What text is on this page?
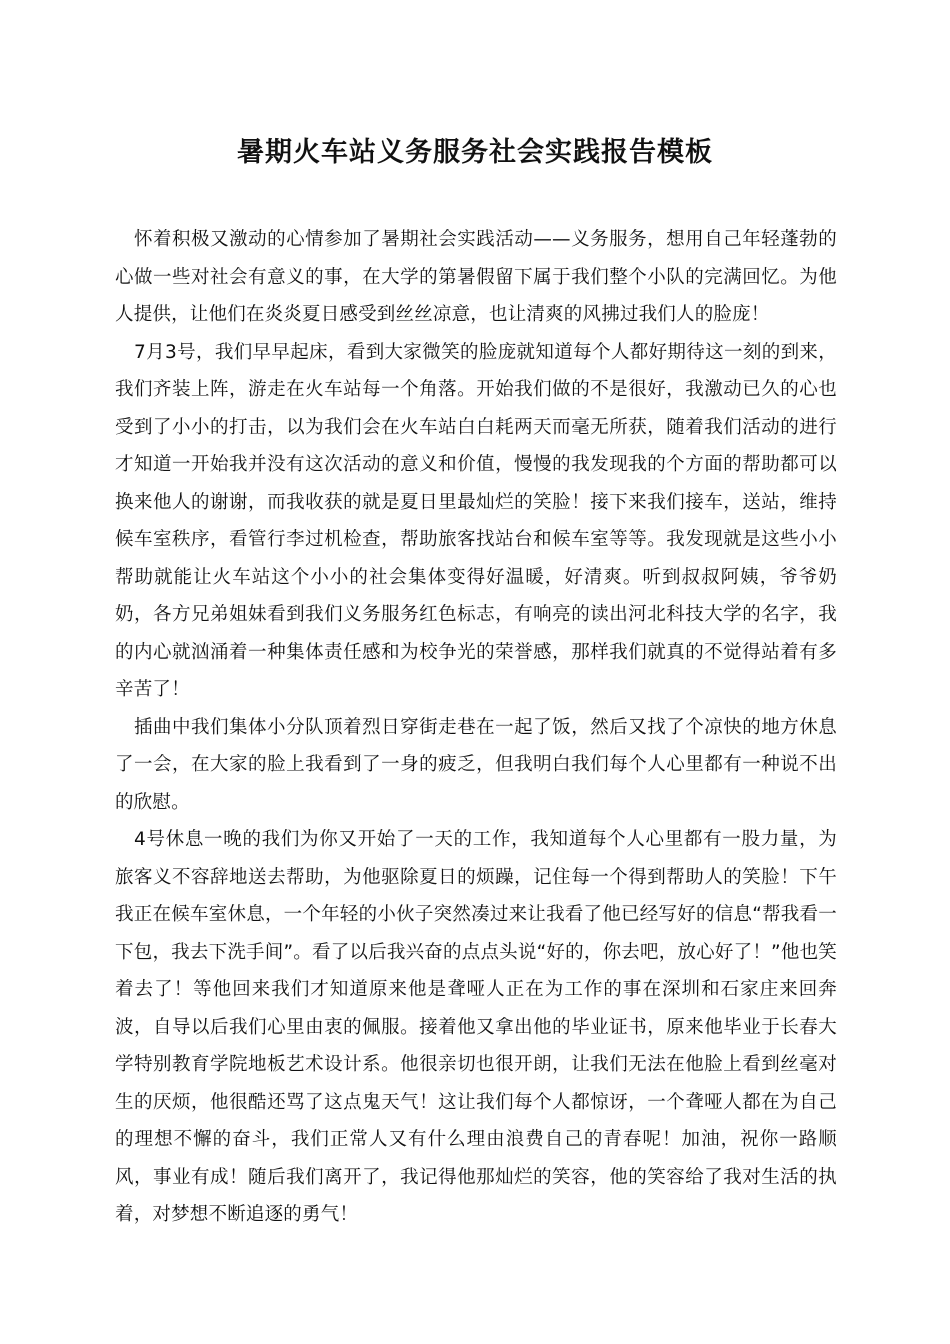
暑期火车站义务服务社会实践报告模板

怀着积极又激动的心情参加了暑期社会实践活动——义务服务，想用自己年轻蓬勃的心做一些对社会有意义的事，在大学的第暑假留下属于我们整个小队的完满回忆。为他人提供，让他们在炎炎夏日感受到丝丝凉意，也让清爽的风拂过我们人的脸庞！

7月3号，我们早早起床，看到大家微笑的脸庞就知道每个人都好期待这一刻的到来，我们齐装上阵，游走在火车站每一个角落。开始我们做的不是很好，我激动已久的心也受到了小小的打击，以为我们会在火车站白白耗两天而毫无所获，随着我们活动的进行才知道一开始我并没有这次活动的意义和价值，慢慢的我发现我的个方面的帮助都可以换来他人的谢谢，而我收获的就是夏日里最灿烂的笑脸！接下来我们接车，送站，维持候车室秩序，看管行李过机检查，帮助旅客找站台和候车室等等。我发现就是这些小小帮助就能让火车站这个小小的社会集体变得好温暖，好清爽。听到叔叔阿姨，爷爷奶奶，各方兄弟姐妹看到我们义务服务红色标志，有响亮的读出河北科技大学的名字，我的内心就汹涌着一种集体责任感和为校争光的荣誉感，那样我们就真的不觉得站着有多辛苦了！

插曲中我们集体小分队顶着烈日穿街走巷在一起了饭，然后又找了个凉快的地方休息了一会，在大家的脸上我看到了一身的疲乏，但我明白我们每个人心里都有一种说不出的欣慰。

4号休息一晚的我们为你又开始了一天的工作，我知道每个人心里都有一股力量，为旅客义不容辞地送去帮助，为他驱除夏日的烦躁，记住每一个得到帮助人的笑脸！下午我正在候车室休息，一个年轻的小伙子突然凑过来让我看了他已经写好的信息“帮我看一下包，我去下洗手间”。看了以后我兴奋的点点头说“好的，你去吧，放心好了！”他也笑着去了！等他回来我们才知道原来他是聋哑人正在为工作的事在深圳和石家庄来回奔波，自导以后我们心里由衷的佩服。接着他又拿出他的毕业证书，原来他毕业于长春大学特别教育学院地板艺术设计系。他很亲切也很开朗，让我们无法在他脸上看到丝毫对生的厌烦，他很酷还骂了这点鬼天气！这让我们每个人都惊讶，一个聋哑人都在为自己的理想不懈的奋斗，我们正常人又有什么理由浪费自己的青春呢！加油，祝你一路顺风，事业有成！随后我们离开了，我记得他那灿烂的笑容，他的笑容给了我对生活的执着，对梦想不断追逐的勇气！
